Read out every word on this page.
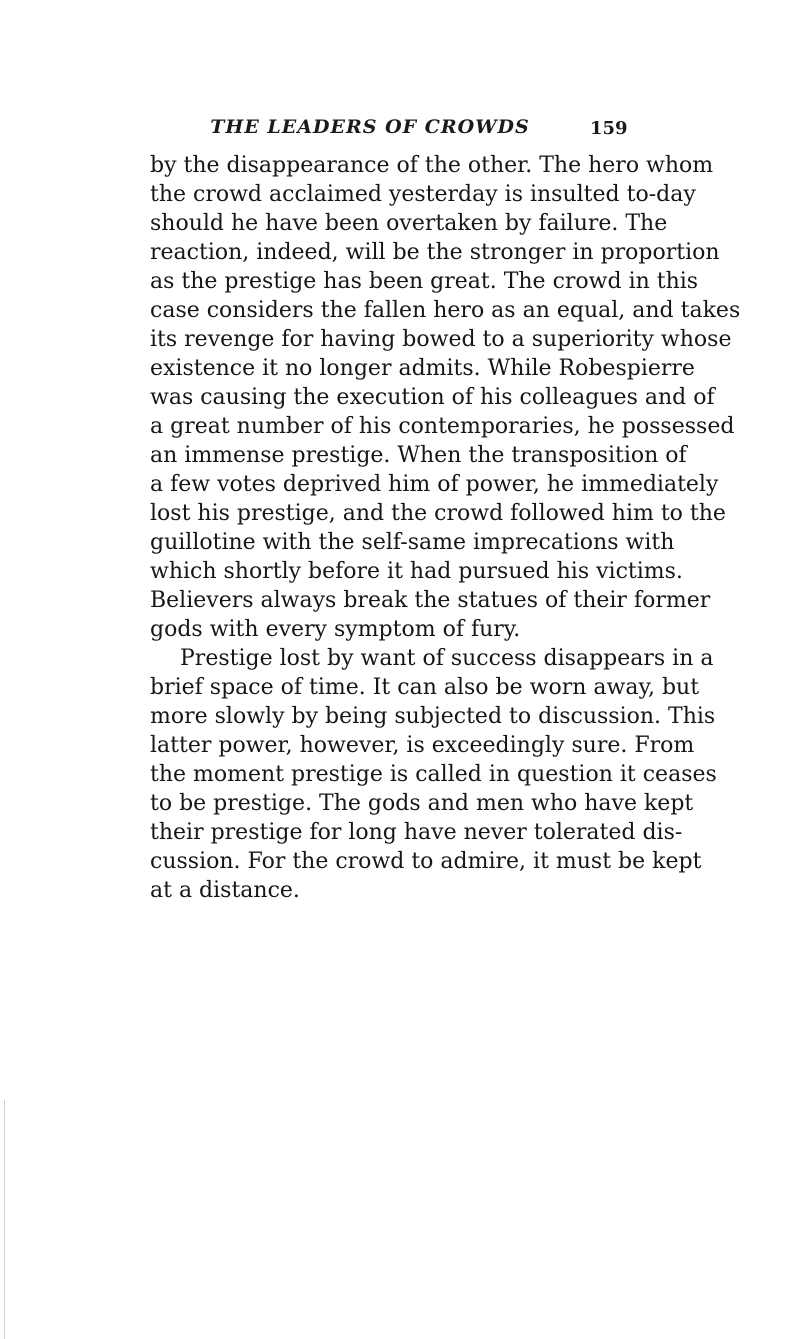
THE LEADERS OF CROWDS	159
by the disappearance of the other. The hero whom
the crowd acclaimed yesterday is insulted to-day
should he have been overtaken by failure. The
reaction, indeed, will be the stronger in proportion
as the prestige has been great. The crowd in this
case considers the fallen hero as an equal, and takes
its revenge for having bowed to a superiority whose
existence it no longer admits. While Robespierre
was causing the execution of his colleagues and of
a great number of his contemporaries, he possessed
an immense prestige. When the transposition of
a few votes deprived him of power, he immediately
lost his prestige, and the crowd followed him to the
guillotine with the self-same imprecations with
which shortly before it had pursued his victims.
Believers always break the statues of their former
gods with every symptom of fury.
Prestige lost by want of success disappears in a
brief space of time. It can also be worn away, but
more slowly by being subjected to discussion. This
latter power, however, is exceedingly sure. From
the moment prestige is called in question it ceases
to be prestige. The gods and men who have kept
their prestige for long have never tolerated dis-
cussion. For the crowd to admire, it must be kept
at a distance.
